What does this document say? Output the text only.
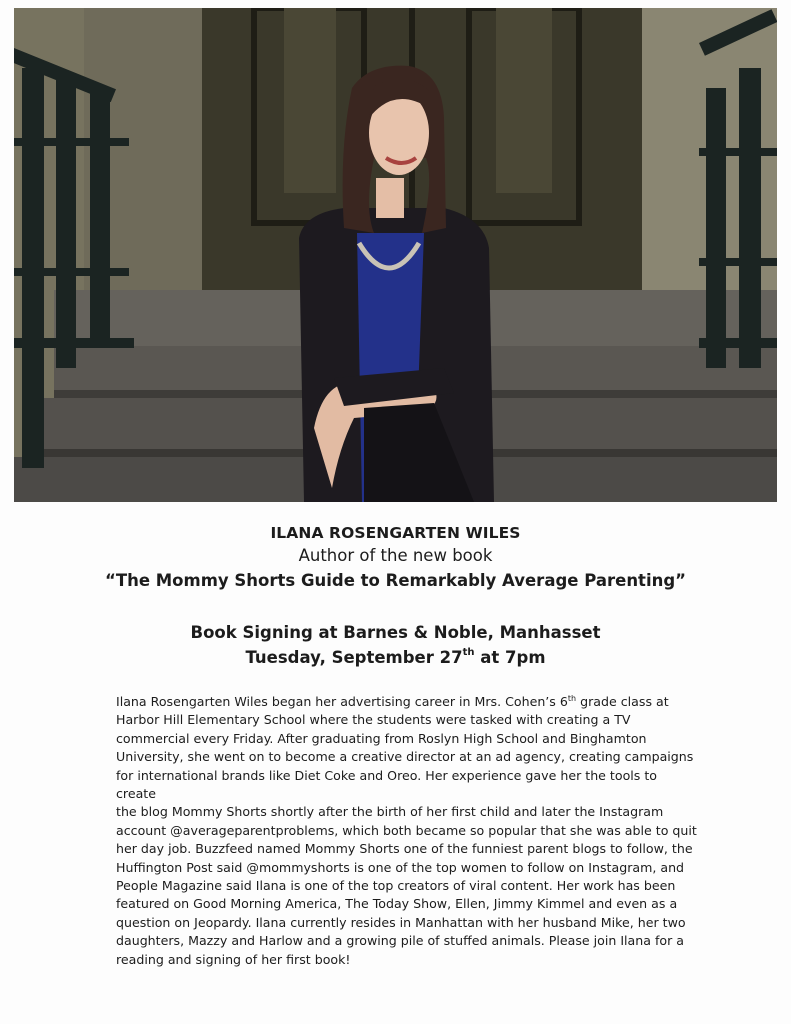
ILANA ROSENGARTEN WILES
Author of the new book
“The Mommy Shorts Guide to Remarkably Average Parenting”
Book Signing at Barnes & Noble, Manhasset
Tuesday, September 27th at 7pm

Ilana Rosengarten Wiles began her advertising career in Mrs. Cohen’s 6th grade class at
Harbor Hill Elementary School where the students were tasked with creating a TV
commercial every Friday. After graduating from Roslyn High School and Binghamton
University, she went on to become a creative director at an ad agency, creating campaigns
for international brands like Diet Coke and Oreo. Her experience gave her the tools to create
the blog Mommy Shorts shortly after the birth of her first child and later the Instagram
account @averageparentproblems, which both became so popular that she was able to quit
her day job. Buzzfeed named Mommy Shorts one of the funniest parent blogs to follow, the
Huffington Post said @mommyshorts is one of the top women to follow on Instagram, and
People Magazine said Ilana is one of the top creators of viral content. Her work has been
featured on Good Morning America, The Today Show, Ellen, Jimmy Kimmel and even as a
question on Jeopardy. Ilana currently resides in Manhattan with her husband Mike, her two
daughters, Mazzy and Harlow and a growing pile of stuffed animals. Please join Ilana for a
reading and signing of her first book!
